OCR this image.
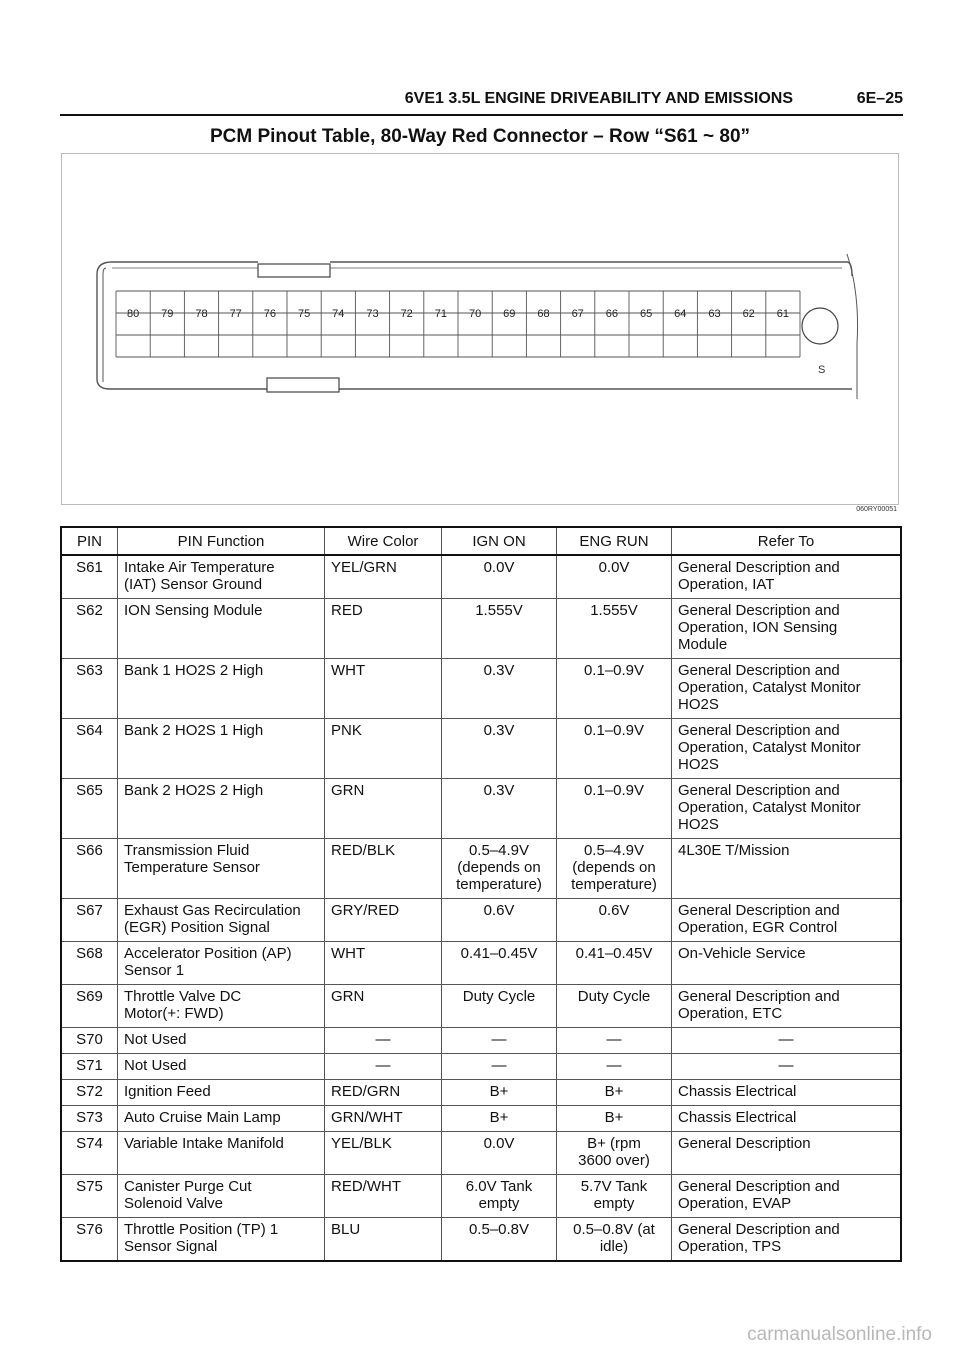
6VE1 3.5L ENGINE DRIVEABILITY AND EMISSIONS	6E–25
PCM Pinout Table, 80-Way Red Connector – Row “S61 ~ 80”
80 79 78 77 76 75 74 73 72 71 70 69 68 67 66 65 64 63 62 61
S
060RY00051
PIN	PIN Function	Wire Color	IGN ON	ENG RUN	Refer To
S61	Intake Air Temperature
(IAT) Sensor Ground	YEL/GRN	0.0V	0.0V	General Description and
Operation, IAT
S62	ION Sensing Module	RED	1.555V	1.555V	General Description and
Operation, ION Sensing
Module
S63	Bank 1 HO2S 2 High	WHT	0.3V	0.1–0.9V	General Description and
Operation, Catalyst Monitor
HO2S
S64	Bank 2 HO2S 1 High	PNK	0.3V	0.1–0.9V	General Description and
Operation, Catalyst Monitor
HO2S
S65	Bank 2 HO2S 2 High	GRN	0.3V	0.1–0.9V	General Description and
Operation, Catalyst Monitor
HO2S
S66	Transmission Fluid
Temperature Sensor	RED/BLK	0.5–4.9V
(depends on
temperature)	0.5–4.9V
(depends on
temperature)	4L30E T/Mission
S67	Exhaust Gas Recirculation
(EGR) Position Signal	GRY/RED	0.6V	0.6V	General Description and
Operation, EGR Control
S68	Accelerator Position (AP)
Sensor 1	WHT	0.41–0.45V	0.41–0.45V	On-Vehicle Service
S69	Throttle Valve DC
Motor(+: FWD)	GRN	Duty Cycle	Duty Cycle	General Description and
Operation, ETC
S70	Not Used	—	—	—	—
S71	Not Used	—	—	—	—
S72	Ignition Feed	RED/GRN	B+	B+	Chassis Electrical
S73	Auto Cruise Main Lamp	GRN/WHT	B+	B+	Chassis Electrical
S74	Variable Intake Manifold	YEL/BLK	0.0V	B+ (rpm
3600 over)	General Description
S75	Canister Purge Cut
Solenoid Valve	RED/WHT	6.0V Tank
empty	5.7V Tank
empty	General Description and
Operation, EVAP
S76	Throttle Position (TP) 1
Sensor Signal	BLU	0.5–0.8V	0.5–0.8V (at
idle)	General Description and
Operation, TPS
carmanualsonline.info
